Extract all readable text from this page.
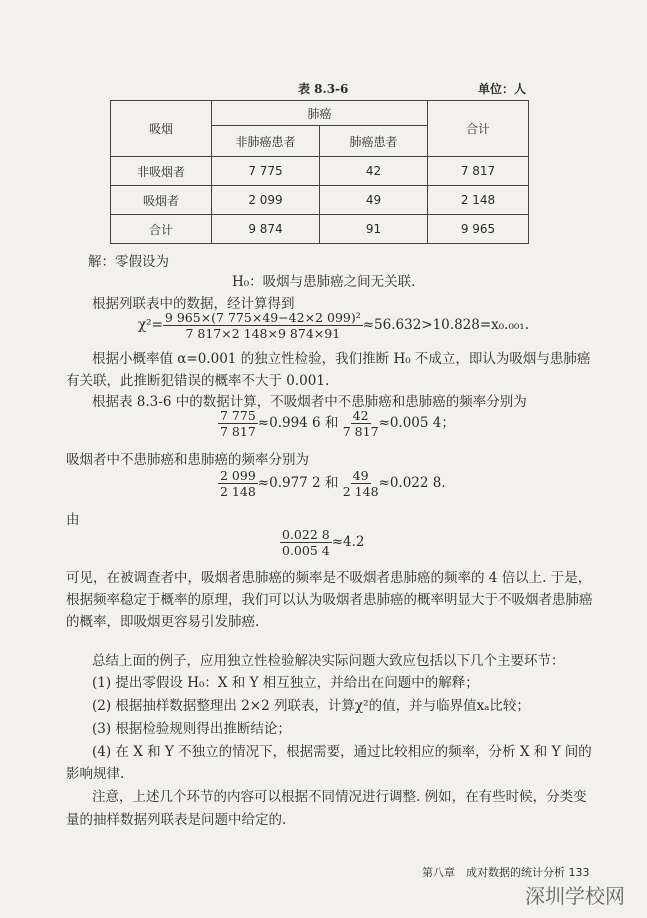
表 8.3-6	单位：人
吸烟	肺癌		合计
	非肺癌患者	肺癌患者	
非吸烟者	7 775	42	7 817
吸烟者	2 099	49	2 148
合计	9 874	91	9 965
解：零假设为
H₀：吸烟与患肺癌之间无关联.
根据列联表中的数据，经计算得到
$\chi^2= \frac{\text{9 965×(7 775×49−42×2 099)²}}{7 817\times 2 148\times 9 874\times 91} \approx 56.632>10.828=x_0._{001}$.
根据小概率值 α=0.001 的独立性检验，我们推断 H₀ 不成立，即认为吸烟与患肺癌
有关联，此推断犯错误的概率不大于 0.001.
根据表 8.3-6 中的数据计算，不吸烟者中不患肺癌和患肺癌的频率分别为
$\frac{7 775}{7 817} \approx 0.994$ 6 和 $\frac{42}{7 817} \approx 0.005$ 4；
吸烟者中不患肺癌和患肺癌的频率分别为
$\frac{2 099}{2 148} \approx 0.977$ 2 和 $\frac{49}{2 148} \approx 0.022$ 8.
由
$\frac{0.022 8}{0.005 4} \approx 4.2$
可见，在被调查者中，吸烟者患肺癌的频率是不吸烟者患肺癌的频率的 4 倍以上. 于是，
根据频率稳定于概率的原理，我们可以认为吸烟者患肺癌的概率明显大于不吸烟者患肺癌
的概率，即吸烟更容易引发肺癌.
总结上面的例子，应用独立性检验解决实际问题大致应包括以下几个主要环节：
(1) 提出零假设 H₀：X 和 Y 相互独立，并给出在问题中的解释；
(2) 根据抽样数据整理出 2×2 列联表，计算χ²的值，并与临界值xₐ比较；
(3) 根据检验规则得出推断结论；
(4) 在 X 和 Y 不独立的情况下，根据需要，通过比较相应的频率，分析 X 和 Y 间的
影响规律.
注意，上述几个环节的内容可以根据不同情况进行调整. 例如，在有些时候，分类变
量的抽样数据列联表是问题中给定的.
第八章　成对数据的统计分析 133
深圳学校网
